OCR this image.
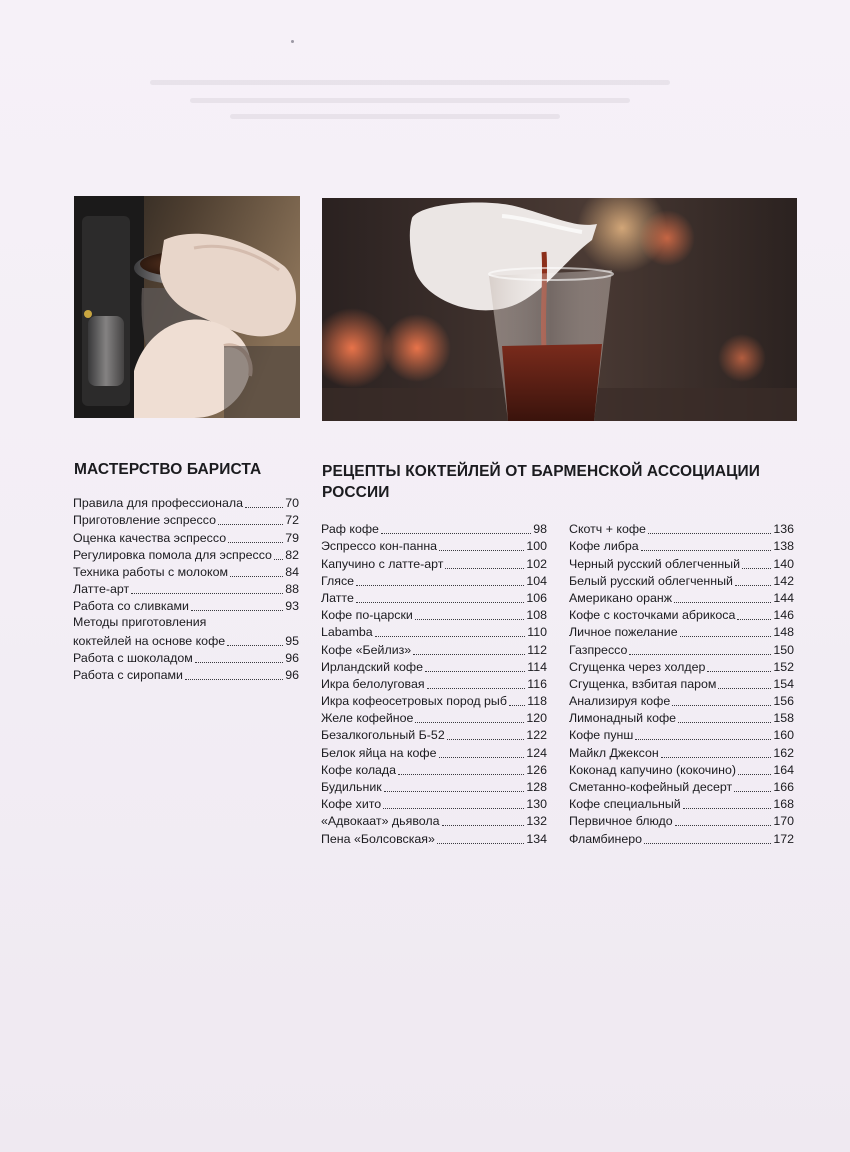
МАСТЕРСТВО БАРИСТА
Правила для профессионала	70
Приготовление эспрессо	72
Оценка качества эспрессо	79
Регулировка помола для эспрессо 82
Техника работы с молоком	84
Латте-арт	88
Работа со сливками	93
Методы приготовления
коктейлей на основе кофе	95
Работа с шоколадом	96
Работа с сиропами	96
РЕЦЕПТЫ КОКТЕЙЛЕЙ ОТ БАРМЕНСКОЙ АССОЦИАЦИИ РОССИИ
Раф кофе	98
Эспрессо кон-панна	100
Капучино с латте-арт	102
Глясе	104
Латте	106
Кофе по-царски	108
Labamba	110
Кофе «Бейлиз»	112
Ирландский кофе	114
Икра белолуговая	116
Икра кофеосетровых пород рыб 118
Желе кофейное	120
Безалкогольный Б-52	122
Белок яйца на кофе	124
Кофе колада	126
Будильник	128
Кофе хито	130
«Адвокаат» дьявола	132
Пена «Болсовская»	134
Скотч + кофе	136
Кофе либра	138
Черный русский облегченный	140
Белый русский облегченный	142
Американо оранж	144
Кофе с косточками абрикоса	146
Личное пожелание	148
Газпрессо	150
Сгущенка через холдер	152
Сгущенка, взбитая паром	154
Анализируя кофе	156
Лимонадный кофе	158
Кофе пунш	160
Майкл Джексон	162
Коконад капучино (кокочино)	164
Сметанно-кофейный десерт	166
Кофе специальный	168
Первичное блюдо	170
Фламбинеро	172
